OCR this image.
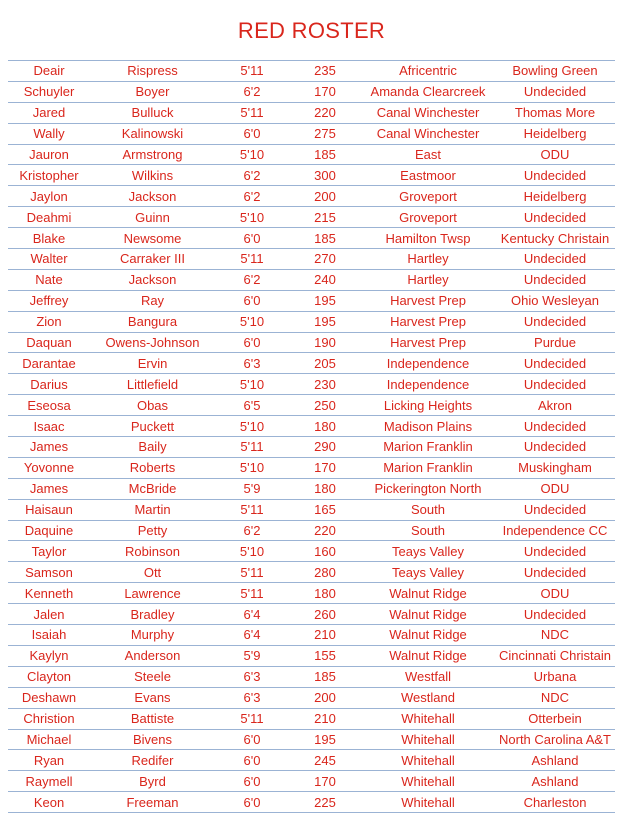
RED ROSTER
Deair	Rispress	5'11	235	Africentric	Bowling Green
Schuyler	Boyer	6'2	170	Amanda Clearcreek	Undecided
Jared	Bulluck	5'11	220	Canal Winchester	Thomas More
Wally	Kalinowski	6'0	275	Canal Winchester	Heidelberg
Jauron	Armstrong	5'10	185	East	ODU
Kristopher	Wilkins	6'2	300	Eastmoor	Undecided
Jaylon	Jackson	6'2	200	Groveport	Heidelberg
Deahmi	Guinn	5'10	215	Groveport	Undecided
Blake	Newsome	6'0	185	Hamilton Twsp	Kentucky Christain
Walter	Carraker III	5'11	270	Hartley	Undecided
Nate	Jackson	6'2	240	Hartley	Undecided
Jeffrey	Ray	6'0	195	Harvest Prep	Ohio Wesleyan
Zion	Bangura	5'10	195	Harvest Prep	Undecided
Daquan	Owens-Johnson	6'0	190	Harvest Prep	Purdue
Darantae	Ervin	6'3	205	Independence	Undecided
Darius	Littlefield	5'10	230	Independence	Undecided
Eseosa	Obas	6'5	250	Licking Heights	Akron
Isaac	Puckett	5'10	180	Madison Plains	Undecided
James	Baily	5'11	290	Marion Franklin	Undecided
Yovonne	Roberts	5'10	170	Marion Franklin	Muskingham
James	McBride	5'9	180	Pickerington North	ODU
Haisaun	Martin	5'11	165	South	Undecided
Daquine	Petty	6'2	220	South	Independence CC
Taylor	Robinson	5'10	160	Teays Valley	Undecided
Samson	Ott	5'11	280	Teays Valley	Undecided
Kenneth	Lawrence	5'11	180	Walnut Ridge	ODU
Jalen	Bradley	6'4	260	Walnut Ridge	Undecided
Isaiah	Murphy	6'4	210	Walnut Ridge	NDC
Kaylyn	Anderson	5'9	155	Walnut Ridge	Cincinnati Christain
Clayton	Steele	6'3	185	Westfall	Urbana
Deshawn	Evans	6'3	200	Westland	NDC
Christion	Battiste	5'11	210	Whitehall	Otterbein
Michael	Bivens	6'0	195	Whitehall	North Carolina A&T
Ryan	Redifer	6'0	245	Whitehall	Ashland
Raymell	Byrd	6'0	170	Whitehall	Ashland
Keon	Freeman	6'0	225	Whitehall	Charleston
